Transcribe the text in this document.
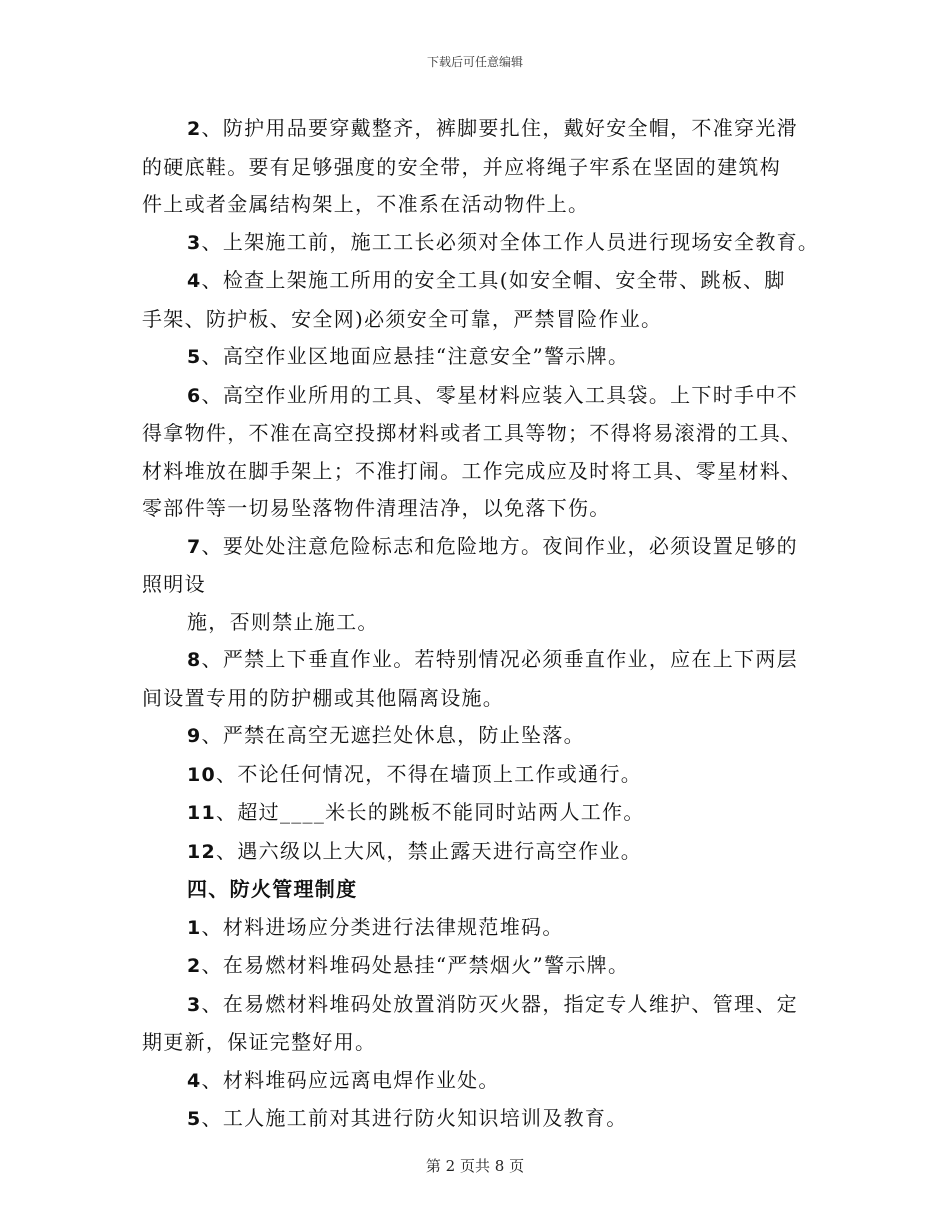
下载后可任意编辑

2、防护用品要穿戴整齐，裤脚要扎住，戴好安全帽，不准穿光滑

的硬底鞋。要有足够强度的安全带，并应将绳子牢系在坚固的建筑构

件上或者金属结构架上，不准系在活动物件上。

3、上架施工前，施工工长必须对全体工作人员进行现场安全教育。

4、检查上架施工所用的安全工具(如安全帽、安全带、跳板、脚

手架、防护板、安全网)必须安全可靠，严禁冒险作业。

5、高空作业区地面应悬挂“注意安全”警示牌。

6、高空作业所用的工具、零星材料应装入工具袋。上下时手中不

得拿物件，不准在高空投掷材料或者工具等物；不得将易滚滑的工具、

材料堆放在脚手架上；不准打闹。工作完成应及时将工具、零星材料、

零部件等一切易坠落物件清理洁净，以免落下伤。

7、要处处注意危险标志和危险地方。夜间作业，必须设置足够的

照明设

施，否则禁止施工。

8、严禁上下垂直作业。若特别情况必须垂直作业，应在上下两层

间设置专用的防护棚或其他隔离设施。

9、严禁在高空无遮拦处休息，防止坠落。

10、不论任何情况，不得在墙顶上工作或通行。

11、超过____米长的跳板不能同时站两人工作。

12、遇六级以上大风，禁止露天进行高空作业。

四、防火管理制度

1、材料进场应分类进行法律规范堆码。

2、在易燃材料堆码处悬挂“严禁烟火”警示牌。

3、在易燃材料堆码处放置消防灭火器，指定专人维护、管理、定

期更新，保证完整好用。

4、材料堆码应远离电焊作业处。

5、工人施工前对其进行防火知识培训及教育。

第 2 页共 8 页
